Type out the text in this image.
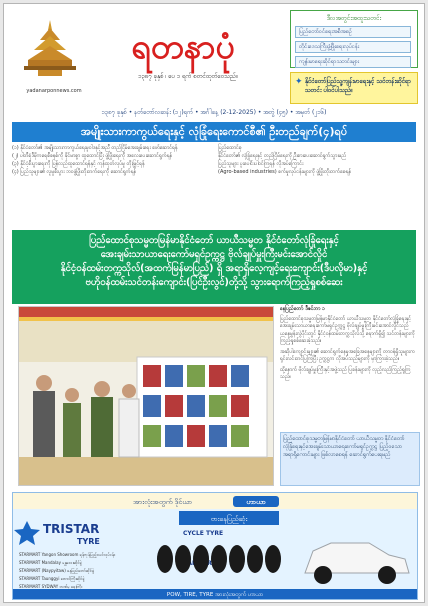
yadanarponnews.com
ရတနာပုံ
၁၃၈၇ ခုနှစ် ၊ ပေ ၁ ရက် စတင်ထုတ်ဝေသည်။
ဒီလအတွင်းအထူးသတင်း
ပြည်တော်ဝင်ရေးအစီအစဉ်
တိုင်းဒေသကြီးဖွံ့ဖြိုးရေးလုပ်ငန်း
ကျန်းမာရေးဆိုင်ရာသတင်းများ
✦ နိုင်ငံတော်ပြည်သူ့ကျန်းမာရေးနှင့် သင်တန်းဆိုင်ရာသတင်း ပါဝင်ပါသည်။
၁၃၈၇ ခုနှစ် • နတ်တော်လဆန်း (၁၂)ရက် • အင်္ဂါနေ့ (2-12-2025) • အတွဲ (၄၅) • အမှတ် (၂၁၆)
အမျိုးသားကာကွယ်ရေးနှင့် လုံခြုံရေးကောင်စီ၏ ဦးတည်ချက်(၄)ရပ်
(၁) နိုင်ငံတော်၏ အမျိုးသားကာကွယ်ရေးမူဝါဒနှင့်အညီ တည်ငြိမ်အေးချမ်းရေး ဖော်ဆောင်ရန်
(၂) ပါတီစုံဒီမိုကရေစီစနစ်ကို ခိုင်မာစွာ ထူထောင်ပြီး ဖွံ့ဖြိုးရေးကို အလေးပေးဆောင်ရွက်ရန်
(၃) နိုင်ငံ့စီးပွားရေးကို ပြန်လည်ထူထောင်ရန်နှင့် ကုန်ထုတ်လုပ်မှု တိုးမြှင့်ရန်
(၄) ပြည်သူများ၏ လူမှုစီးပွား ဘဝဖွံ့ဖြိုးတိုးတက်ရေးကို ဆောင်ရွက်ရန်
ပြည်ထောင်စု
နိုင်ငံတော်၏ လုံခြုံရေးနှင့် တည်ငြိမ်ရေးကို ဦးစားပေးဆောင်ရွက်သွားမည်
ပြည်သူများ ပူးပေါင်းပါဝင်ကြရန် လိုအပ်ကြောင်း
(Agro-based industries) စက်မှုလုပ်ငန်းများကို ဖွံ့ဖြိုးတိုးတက်စေရန်
ပြည်ထောင်စုသမ္မတမြန်မာနိုင်ငံတော် ယာယီသမ္မတ နိုင်ငံတော်လုံခြုံရေးနှင့်
အေးချမ်းသာယာရေးကော်မရှင်ဥက္ကဋ္ဌ ဗိုလ်ချုပ်မှူးကြီးမင်းအောင်လှိုင်
နိုင်ငံ့ဝန်ထမ်းတက္ကသိုလ်(အထက်မြန်မာပြည်) ရှိ အရာရှိလေ့ကျင့်ရေးကျောင်း(ဒီပလိုမာ)နှင့်
ဗဟိုဝန်ထမ်းသင်တန်းကျောင်း(ပြင်ဦးလွင်)တို့သို့ သွားရောက်ကြည့်ရှုစစ်ဆေး
နေပြည်တော် ဒီဇင်ဘာ ၁

ပြည်ထောင်စုသမ္မတမြန်မာနိုင်ငံတော် ယာယီသမ္မတ နိုင်ငံတော်လုံခြုံရေးနှင့်အေးချမ်းသာယာရေးကော်မရှင်ဥက္ကဋ္ဌ ဗိုလ်ချုပ်မှူးကြီးမင်းအောင်လှိုင်သည် ယနေ့မွန်းလွဲပိုင်းတွင် နိုင်ငံ့ဝန်ထမ်းတက္ကသိုလ်သို့ ရောက်ရှိ၍ သင်တန်းများကို ကြည့်ရှုစစ်ဆေးခဲ့သည်။

အဆိုပါကျောင်းများ၏ ဆောင်ရွက်နေမှုအခြေအနေများကို တာဝန်ရှိသူများက ရှင်းလင်းတင်ပြကြပြီး ဥက္ကဋ္ဌက လိုအပ်သည်များကို မှာကြားခဲ့သည်။

ထို့နောက် ဗိုလ်ချုပ်မှူးကြီးနှင့်အဖွဲ့သည် ပြခန်းများကို လှည့်လည်ကြည့်ရှုကြသည်။

ပြည်ထောင်စုသမ္မတမြန်မာနိုင်ငံတော် ယာယီသမ္မတ နိုင်ငံတော်လုံခြုံရေးနှင့်အေးချမ်းသာယာရေးကော်မရှင်ဥက္ကဋ္ဌ ပြည့်ဝသော အရာရှိကောင်းများ ဖြစ်လာစေရန် ဆောင်ရွက်ပေးရမည်
အားလုံးအတွက် ဒိုင်ယာ	ဟာယာ
TRISTAR
TYRE
STARMART Yangon Showroom ရန်ကုန်ပြည့်ဝပင်လုပ်ငန်း
STARMART Mandalay မန္တလေးဆိုင်ခွဲ
STARMART (Naypyitaw) နေပြည်တော်ဆိုင်ခွဲ
STARMART Taunggyi တောင်ကြီးဆိုင်ခွဲ
STARMART SYDWAY ဘဏ်မှ ရေးကြီး
ဗားနေပြည်ဆုံး
CYCLE TYRE
POW, TIRE, TYRE အားလုံးအတွက် ဟာယာ
